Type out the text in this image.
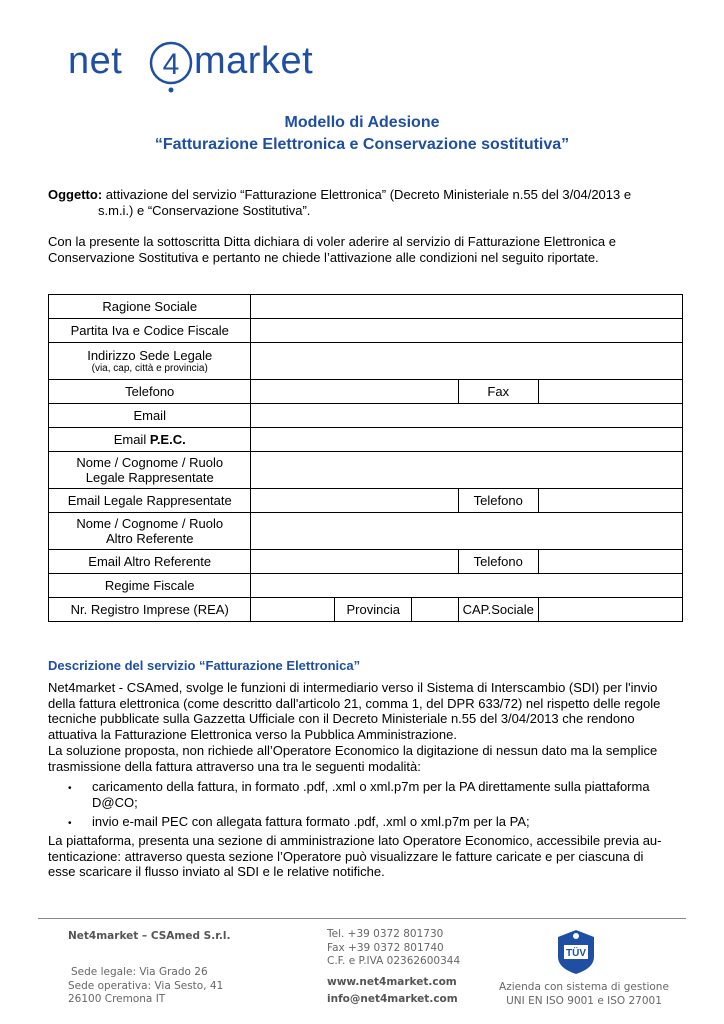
net 4 market
Modello di Adesione
“Fatturazione Elettronica e Conservazione sostitutiva”

Oggetto: attivazione del servizio “Fatturazione Elettronica” (Decreto Ministeriale n.55 del 3/04/2013 e

s.m.i.) e “Conservazione Sostitutiva”.

Con la presente la sottoscritta Ditta dichiara di voler aderire al servizio di Fatturazione Elettronica e

Conservazione Sostitutiva e pertanto ne chiede l’attivazione alle condizioni nel seguito riportate.

Ragione Sociale					
Partita Iva e Codice Fiscale					

Indirizzo Sede Legale
(via, cap, città e provincia)					

Telefono				Fax	
Email					
Email P.E.C.					

Nome / Cognome / Ruolo
Legale Rappresentate					

Email Legale Rappresentate				Telefono	

Nome / Cognome / Ruolo
Altro Referente					

Email Altro Referente				Telefono	
Regime Fiscale					
Nr. Registro Imprese (REA)		Provincia		CAP.Sociale	
Descrizione del servizio “Fatturazione Elettronica”
Net4market - CSAmed, svolge le funzioni di intermediario verso il Sistema di Interscambio (SDI) per l'invio
della fattura elettronica (come descritto dall'articolo 21, comma 1, del DPR 633/72) nel rispetto delle regole
tecniche pubblicate sulla Gazzetta Ufficiale con il Decreto Ministeriale n.55 del 3/04/2013 che rendono
attuativa la Fatturazione Elettronica verso la Pubblica Amministrazione.
La soluzione proposta, non richiede all’Operatore Economico la digitazione di nessun dato ma la semplice
trasmissione della fattura attraverso una tra le seguenti modalità:
• caricamento della fattura, in formato .pdf, .xml o xml.p7m per la PA direttamente sulla piattaforma
D@CO;
• invio e-mail PEC con allegata fattura formato .pdf, .xml o xml.p7m per la PA;
La piattaforma, presenta una sezione di amministrazione lato Operatore Economico, accessibile previa au-
tenticazione: attraverso questa sezione l’Operatore può visualizzare le fatture caricate e per ciascuna di
esse scaricare il flusso inviato al SDI e le relative notifiche.
Net4market – CSAmed S.r.l.
Sede legale: Via Grado 26
Sede operativa: Via Sesto, 41
26100 Cremona IT
Tel. +39 0372 801730
Fax +39 0372 801740
C.F. e P.IVA 02362600344
www.net4market.com
info@net4market.com
TÜV
Azienda con sistema di gestione
UNI EN ISO 9001 e ISO 27001
